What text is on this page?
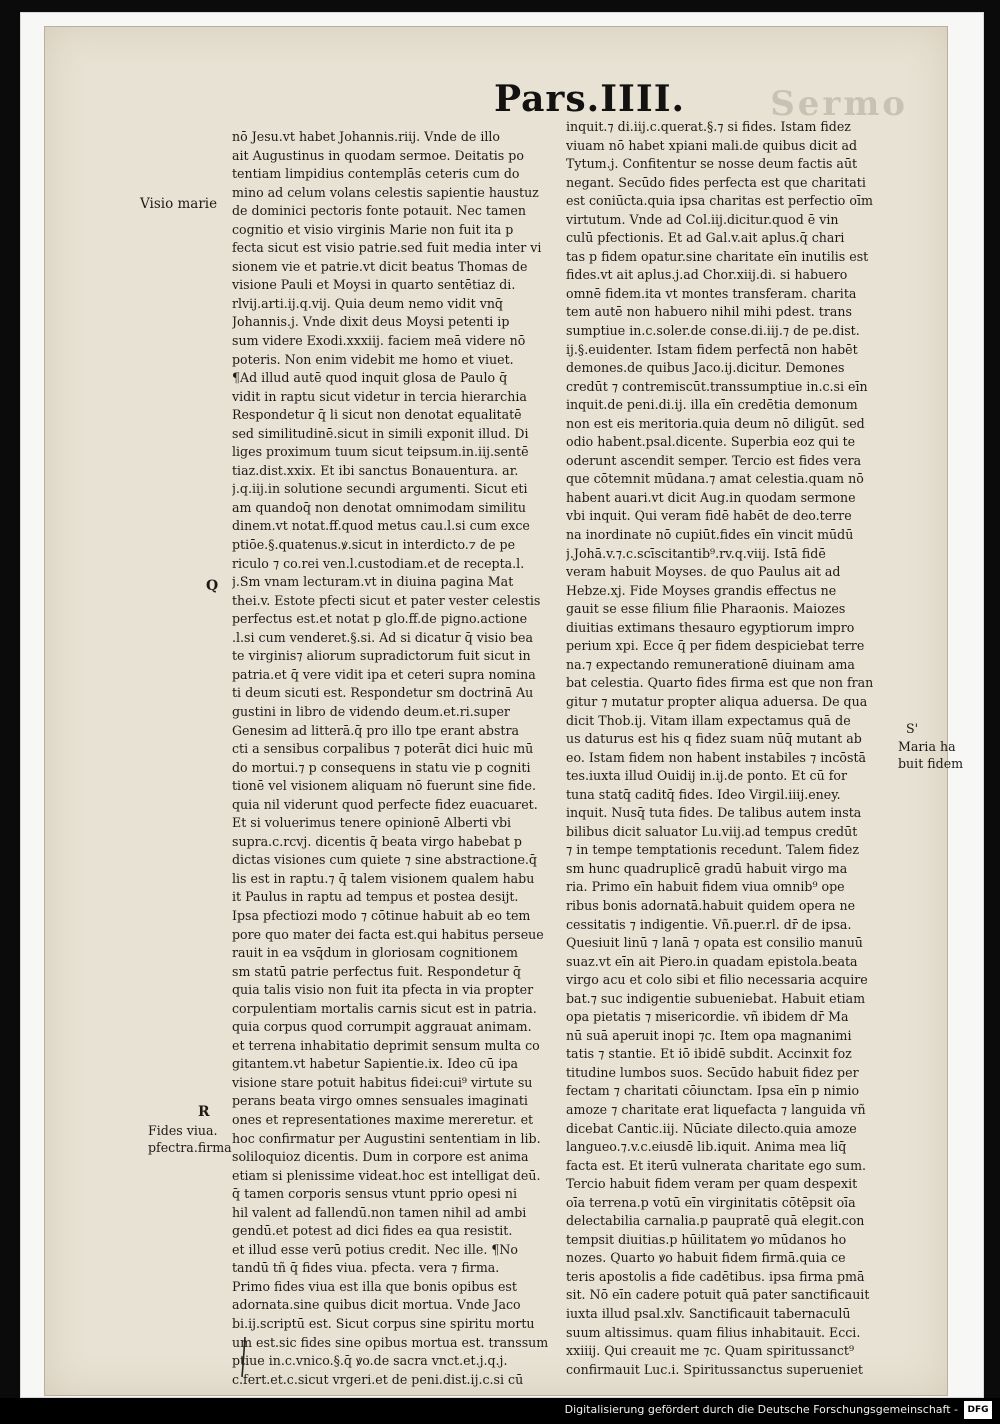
Sermo
Pars.IIII.
Visio marie
Q
R
Fides viua.
pfectra.firma
S'
Maria ha
buit fidem
nō Jesu.vt habet Johannis.riij. Vnde de illo
ait Augustinus in quodam sermoe. Deitatis po
tentiam limpidius contemplās ceteris cum do
mino ad celum volans celestis sapientie haustuz
de dominici pectoris fonte potauit. Nec tamen
cognitio et visio virginis Marie non fuit ita p
fecta sicut est visio patrie.sed fuit media inter vi
sionem vie et patrie.vt dicit beatus Thomas de
visione Pauli et Moysi in quarto sentētiaz di.
rlvij.arti.ij.q.vij. Quia deum nemo vidit vnq̄
Johannis.j. Vnde dixit deus Moysi petenti ip
sum videre Exodi.xxxiij. faciem meā videre nō
poteris. Non enim videbit me homo et viuet.
¶Ad illud autē quod inquit glosa de Paulo q̄
vidit in raptu sicut videtur in tercia hierarchia
Respondetur q̄ li sicut non denotat equalitatē
sed similitudinē.sicut in simili exponit illud. Di
liges proximum tuum sicut teipsum.in.iij.sentē
tiaz.dist.xxix. Et ibi sanctus Bonauentura. ar.
j.q.iij.in solutione secundi argumenti. Sicut eti
am quandoq̄ non denotat omnimodam similitu
dinem.vt notat.ff.quod metus cau.l.si cum exce
ptiōe.§.quatenus.ꝟ.sicut in interdicto.⁊ de pe
riculo ⁊ co.rei ven.l.custodiam.et de recepta.l.
j.Sm vnam lecturam.vt in diuina pagina Mat
thei.v. Estote pfecti sicut et pater vester celestis
perfectus est.et notat p glo.ff.de pigno.actione
.l.si cum venderet.§.si. Ad si dicatur q̄ visio bea
te virginis⁊ aliorum supradictorum fuit sicut in
patria.et q̄ vere vidit ipa et ceteri supra nomina
ti deum sicuti est. Respondetur sm doctrinā Au
gustini in libro de videndo deum.et.ri.super
Genesim ad litterā.q̄ pro illo tpe erant abstra
cti a sensibus corpalibus ⁊ poterāt dici huic mū
do mortui.⁊ p consequens in statu vie p cogniti
tionē vel visionem aliquam nō fuerunt sine fide.
quia nil viderunt quod perfecte fidez euacuaret.
Et si voluerimus tenere opinionē Alberti vbi
supra.c.rcvj. dicentis q̄ beata virgo habebat p
dictas visiones cum quiete ⁊ sine abstractione.q̄
lis est in raptu.⁊ q̄ talem visionem qualem habu
it Paulus in raptu ad tempus et postea desijt.
Ipsa pfectiozi modo ⁊ cōtinue habuit ab eo tem
pore quo mater dei facta est.qui habitus perseue
rauit in ea vsq̄dum in gloriosam cognitionem
sm statū patrie perfectus fuit. Respondetur q̄
quia talis visio non fuit ita pfecta in via propter
corpulentiam mortalis carnis sicut est in patria.
quia corpus quod corrumpit aggrauat animam.
et terrena inhabitatio deprimit sensum multa co
gitantem.vt habetur Sapientie.ix. Ideo cū ipa
visione stare potuit habitus fidei:cui⁹ virtute su
perans beata virgo omnes sensuales imaginati
ones et representationes maxime mereretur. et
hoc confirmatur per Augustini sententiam in lib.
soliloquioz dicentis. Dum in corpore est anima
etiam si plenissime videat.hoc est intelligat deū.
q̄ tamen corporis sensus vtunt pprio opesi ni
hil valent ad fallendū.non tamen nihil ad ambi
gendū.et potest ad dici fides ea qua resistit.
et illud esse verū potius credit. Nec ille. ¶No
tandū tñ q̄ fides viua. pfecta. vera ⁊ firma.
Primo fides viua est illa que bonis opibus est
adornata.sine quibus dicit mortua. Vnde Jaco
bi.ij.scriptū est. Sicut corpus sine spiritu mortu
um est.sic fides sine opibus mortua est. transsum
ptiue in.c.vnico.§.q̄ ꝟo.de sacra vnct.et.j.q.j.
c.fert.et.c.sicut vrgeri.et de peni.dist.ij.c.si cū
inquit.⁊ di.iij.c.querat.§.⁊ si fides. Istam fidez
viuam nō habet xpiani mali.de quibus dicit ad
Tytum.j. Confitentur se nosse deum factis aūt
negant. Secūdo fides perfecta est que charitati
est coniūcta.quia ipsa charitas est perfectio oīm
virtutum. Vnde ad Col.iij.dicitur.quod ē vin
culū pfectionis. Et ad Gal.v.ait aplus.q̄ chari
tas p fidem opatur.sine charitate eīn inutilis est
fides.vt ait aplus.j.ad Chor.xiij.di. si habuero
omnē fidem.ita vt montes transferam. charita
tem autē non habuero nihil mihi pdest. trans
sumptiue in.c.soler.de conse.di.iij.⁊ de pe.dist.
ij.§.euidenter. Istam fidem perfectā non habēt
demones.de quibus Jaco.ij.dicitur. Demones
credūt ⁊ contremiscūt.transsumptiue in.c.si eīn
inquit.de peni.di.ij. illa eīn credētia demonum
non est eis meritoria.quia deum nō diligūt. sed
odio habent.psal.dicente. Superbia eoz qui te
oderunt ascendit semper. Tercio est fides vera
que cōtemnit mūdana.⁊ amat celestia.quam nō
habent auari.vt dicit Aug.in quodam sermone
vbi inquit. Qui veram fidē habēt de deo.terre
na inordinate nō cupiūt.fides eīn vincit mūdū
j.Johā.v.⁊.c.scīscitantib⁹.rv.q.viij. Istā fidē
veram habuit Moyses. de quo Paulus ait ad
Hebze.xj. Fide Moyses grandis effectus ne
gauit se esse filium filie Pharaonis. Maiozes
diuitias extimans thesauro egyptiorum impro
perium xpi. Ecce q̄ per fidem despiciebat terre
na.⁊ expectando remunerationē diuinam ama
bat celestia. Quarto fides firma est que non fran
gitur ⁊ mutatur propter aliqua aduersa. De qua
dicit Thob.ij. Vitam illam expectamus quā de
us daturus est his q fidez suam nūq̄ mutant ab
eo. Istam fidem non habent instabiles ⁊ incōstā
tes.iuxta illud Ouidij in.ij.de ponto. Et cū for
tuna statq̄ caditq̄ fides. Ideo Virgil.iiij.eney.
inquit. Nusq̄ tuta fides. De talibus autem insta
bilibus dicit saluator Lu.viij.ad tempus credūt
⁊ in tempe temptationis recedunt. Talem fidez
sm hunc quadruplicē gradū habuit virgo ma
ria. Primo eīn habuit fidem viua omnib⁹ ope
ribus bonis adornatā.habuit quidem opera ne
cessitatis ⁊ indigentie. Vñ.puer.rl. dr̄ de ipsa.
Quesiuit linū ⁊ lanā ⁊ opata est consilio manuū
suaz.vt eīn ait Piero.in quadam epistola.beata
virgo acu et colo sibi et filio necessaria acquire
bat.⁊ suc indigentie subueniebat. Habuit etiam
opa pietatis ⁊ misericordie. vñ ibidem dr̄ Ma
nū suā aperuit inopi ⁊c. Item opa magnanimi
tatis ⁊ stantie. Et iō ibidē subdit. Accinxit foz
titudine lumbos suos. Secūdo habuit fidez per
fectam ⁊ charitati cōiunctam. Ipsa eīn p nimio
amoze ⁊ charitate erat liquefacta ⁊ languida vñ
dicebat Cantic.iij. Nūciate dilecto.quia amoze
langueo.⁊.v.c.eiusdē lib.iquit. Anima mea liq̄
facta est. Et iterū vulnerata charitate ego sum.
Tercio habuit fidem veram per quam despexit
oīa terrena.p votū eīn virginitatis cōtēpsit oīa
delectabilia carnalia.p paupratē quā elegit.con
tempsit diuitias.p hūilitatem ꝟo mūdanos ho
nozes. Quarto ꝟo habuit fidem firmā.quia ce
teris apostolis a fide cadētibus. ipsa firma pmā
sit. Nō eīn cadere potuit quā pater sanctificauit
iuxta illud psal.xlv. Sanctificauit tabernaculū
suum altissimus. quam filius inhabitauit. Ecci.
xxiiij. Qui creauit me ⁊c. Quam spiritussanct⁹
confirmauit Luc.i. Spiritussanctus superueniet
Digitalisierung gefördert durch die Deutsche Forschungsgemeinschaft -	DFG
